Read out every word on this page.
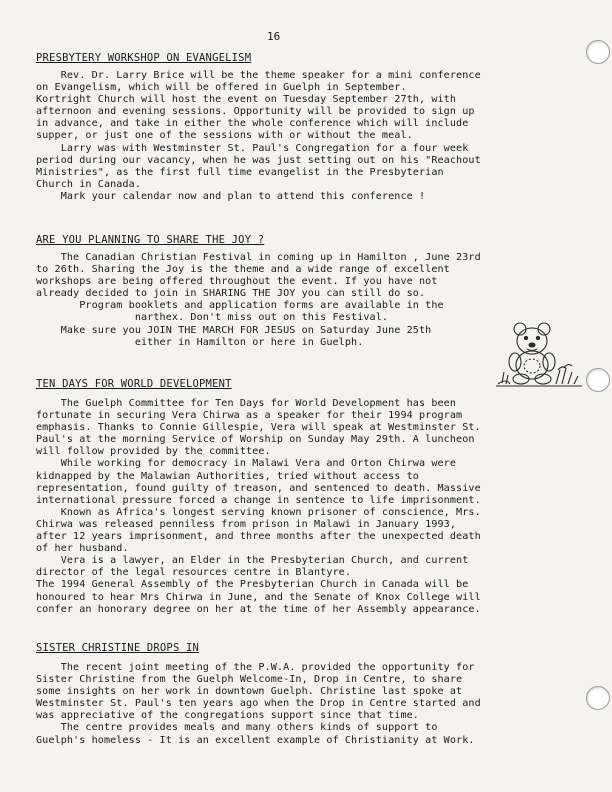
16
PRESBYTERY WORKSHOP ON EVANGELISM
Rev. Dr. Larry Brice will be the theme speaker for a mini conference
on Evangelism, which will be offered in Guelph in September.
Kortright Church will host the event on Tuesday September 27th, with
afternoon and evening sessions. Opportunity will be provided to sign up
in advance, and take in either the whole conference which will include
supper, or just one of the sessions with or without the meal.
Larry was with Westminster St. Paul's Congregation for a four week
period during our vacancy, when he was just setting out on his "Reachout
Ministries", as the first full time evangelist in the Presbyterian
Church in Canada.
Mark your calendar now and plan to attend this conference !
ARE YOU PLANNING TO SHARE THE JOY ?
The Canadian Christian Festival in coming up in Hamilton , June 23rd
to 26th. Sharing the Joy is the theme and a wide range of excellent
workshops are being offered throughout the event. If you have not
already decided to join in SHARING THE JOY you can still do so.
Program booklets and application forms are available in the
narthex. Don't miss out on this Festival.
Make sure you JOIN THE MARCH FOR JESUS on Saturday June 25th
either in Hamilton or here in Guelph.
TEN DAYS FOR WORLD DEVELOPMENT
The Guelph Committee for Ten Days for World Development has been
fortunate in securing Vera Chirwa as a speaker for their 1994 program
emphasis. Thanks to Connie Gillespie, Vera will speak at Westminster St.
Paul's at the morning Service of Worship on Sunday May 29th. A luncheon
will follow provided by the committee.
While working for democracy in Malawi Vera and Orton Chirwa were
kidnapped by the Malawian Authorities, tried without access to
representation, found guilty of treason, and sentenced to death. Massive
international pressure forced a change in sentence to life imprisonment.
Known as Africa's longest serving known prisoner of conscience, Mrs.
Chirwa was released penniless from prison in Malawi in January 1993,
after 12 years imprisonment, and three months after the unexpected death
of her husband.
Vera is a lawyer, an Elder in the Presbyterian Church, and current
director of the legal resources centre in Blantyre.
The 1994 General Assembly of the Presbyterian Church in Canada will be
honoured to hear Mrs Chirwa in June, and the Senate of Knox College will
confer an honorary degree on her at the time of her Assembly appearance.
SISTER CHRISTINE DROPS IN
The recent joint meeting of the P.W.A. provided the opportunity for
Sister Christine from the Guelph Welcome-In, Drop in Centre, to share
some insights on her work in downtown Guelph. Christine last spoke at
Westminster St. Paul's ten years ago when the Drop in Centre started and
was appreciative of the congregations support since that time.
The centre provides meals and many others kinds of support to
Guelph's homeless - It is an excellent example of Christianity at Work.
